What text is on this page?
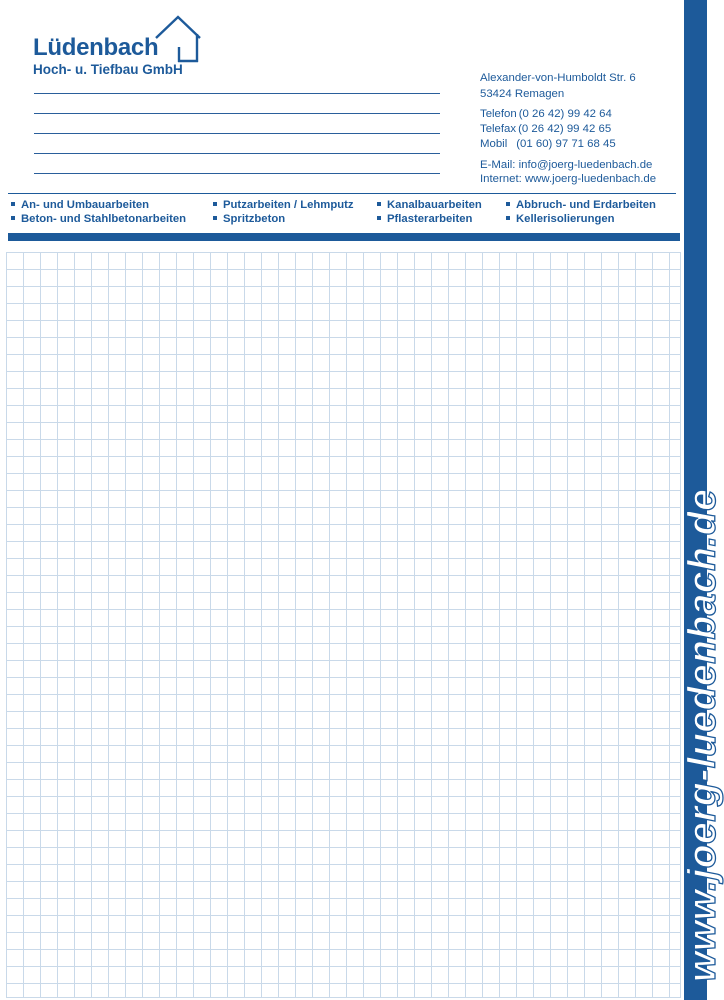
Lüdenbach
Hoch- u. Tiefbau GmbH
Alexander-von-Humboldt Str. 6
53424 Remagen
Telefon (0 26 42) 99 42 64
Telefax (0 26 42) 99 42 65
Mobil (01 60) 97 71 68 45
E-Mail: info@joerg-luedenbach.de
Internet: www.joerg-luedenbach.de
An- und Umbauarbeiten
Beton- und Stahlbetonarbeiten
Putzarbeiten / Lehmputz
Spritzbeton
Kanalbauarbeiten
Pflasterarbeiten
Abbruch- und Erdarbeiten
Kellerisolierungen
www.joerg-luedenbach.de
